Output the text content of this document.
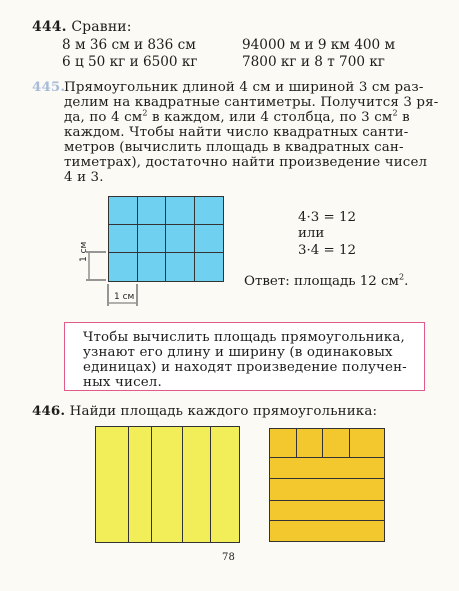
444. Сравни:
8 м 36 см и 836 см
6 ц 50 кг и 6500 кг
94000 м и 9 км 400 м
7800 кг и 8 т 700 кг
445.
Прямоугольник длиной 4 см и шириной 3 см раз-
делим на квадратные сантиметры. Получится 3 ря-
да, по 4 $см^2$ в каждом, или 4 столбца, по 3 $см^2$ в
каждом. Чтобы найти число квадратных санти-
метров (вычислить площадь в квадратных сан-
тиметрах), достаточно найти произведение чисел
4 и 3.
1 см
1 см
4·3 = 12
или
3·4 = 12
Ответ: площадь 12 $см^2$.
Чтобы вычислить площадь прямоугольника,
узнают его длину и ширину (в одинаковых
единицах) и находят произведение получен-
ных чисел.
446. Найди площадь каждого прямоугольника:
78
